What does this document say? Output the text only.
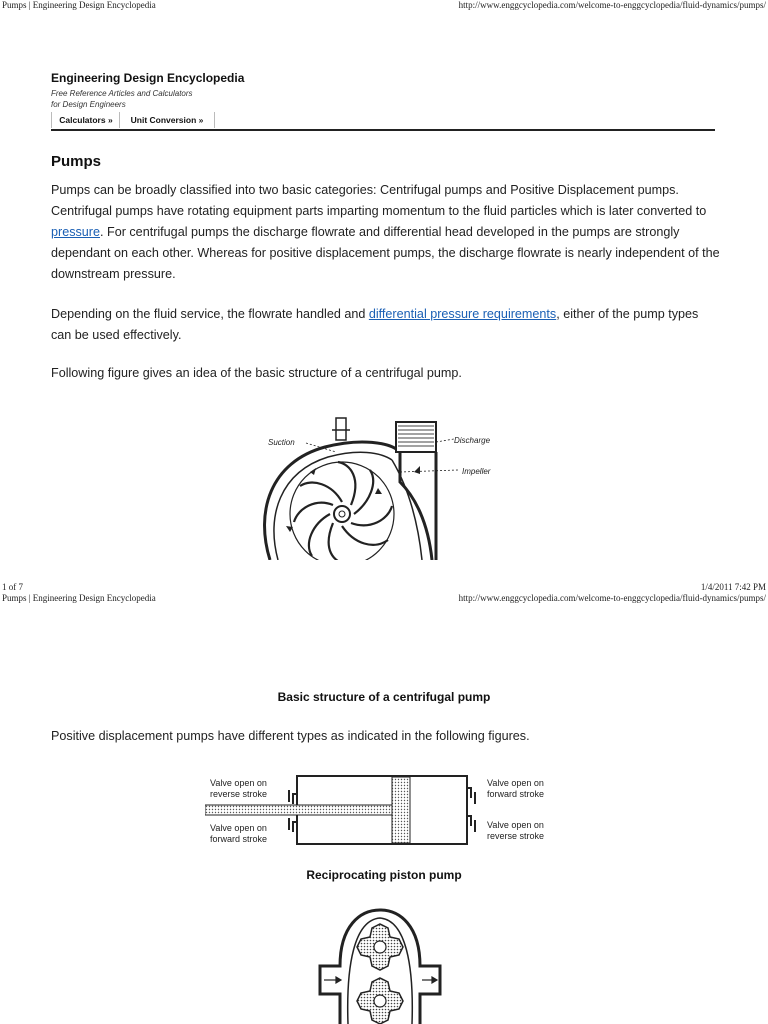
Pumps | Engineering Design Encyclopedia	http://www.enggcyclopedia.com/welcome-to-enggcyclopedia/fluid-dynamics/pumps/
Engineering Design Encyclopedia
Free Reference Articles and Calculators
for Design Engineers
Calculators »	Unit Conversion »
Pumps
Pumps can be broadly classified into two basic categories: Centrifugal pumps and Positive Displacement pumps. Centrifugal pumps have rotating equipment parts imparting momentum to the fluid particles which is later converted to pressure. For centrifugal pumps the discharge flowrate and differential head developed in the pumps are strongly dependant on each other. Whereas for positive displacement pumps, the discharge flowrate is nearly independent of the downstream pressure.
Depending on the fluid service, the flowrate handled and differential pressure requirements, either of the pump types can be used effectively.
Following figure gives an idea of the basic structure of a centrifugal pump.
Suction	Discharge
Impeller
1 of 7	1/4/2011 7:42 PM
Pumps | Engineering Design Encyclopedia	http://www.enggcyclopedia.com/welcome-to-enggcyclopedia/fluid-dynamics/pumps/
Basic structure of a centrifugal pump
Positive displacement pumps have different types as indicated in the following figures.
Valve open on
reverse stroke
Valve open on
forward stroke
Valve open on
forward stroke
Valve open on
reverse stroke
Reciprocating piston pump
